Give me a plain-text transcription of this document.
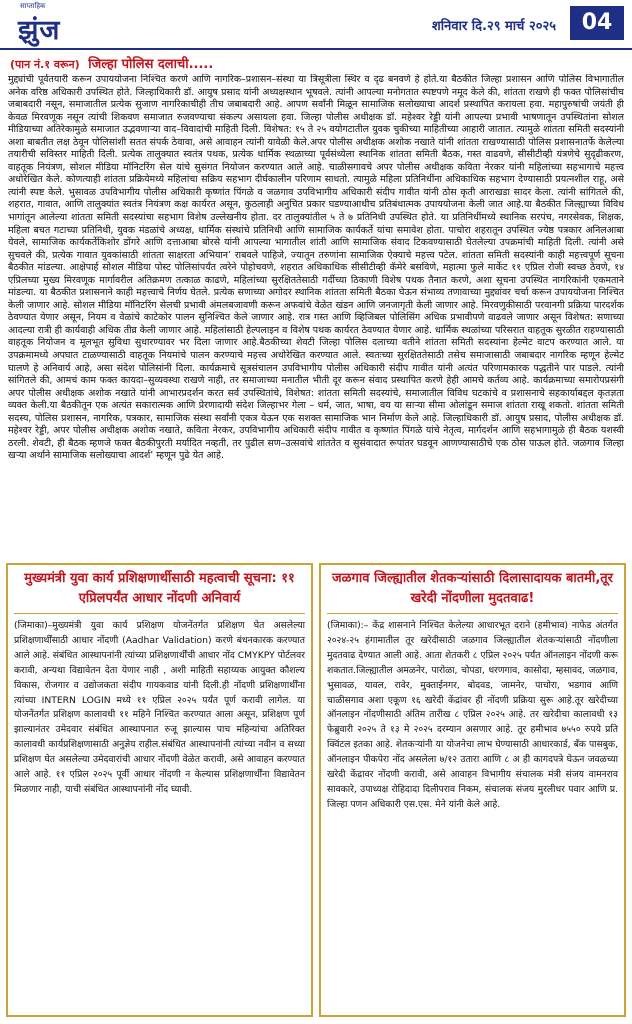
साप्ताहिक
झुंज	शनिवार दि.२९ मार्च २०२५	04
(पान नं.१ वरून) जिल्हा पोलिस दलाची.....
मुद्द्यांची पूर्वतयारी करून उपाययोजना निश्चित करणे आणि नागरिक–प्रशासन–संस्था या त्रिसूत्रीला स्थिर व दृढ बनवणे हे होते.या बैठकीत जिल्हा प्रशासन आणि पोलिस विभागातील अनेक वरिष्ठ अधिकारी उपस्थित होते. जिल्हाधिकारी डॉ. आयुष प्रसाद यांनी अध्यक्षस्थान भूषवले. त्यांनी आपल्या मनोगतात स्पष्टपणे नमूद केले की, शांतता राखणे ही फक्त पोलिसांचीच जबाबदारी नसून, समाजातील प्रत्येक सुजाण नागरिकाचीही तीच जबाबदारी आहे. आपण सर्वांनी मिळून सामाजिक सलोख्याचा आदर्श प्रस्थापित करायला हवा. महापुरुषांची जयंती ही केवळ मिरवणूक नसून त्यांची शिकवण समाजात रुजवण्याचा संकल्प असायला हवा. जिल्हा पोलीस अधीक्षक डॉ. महेश्वर रेड्डी यांनी आपल्या प्रभावी भाषणातून उपस्थितांना सोशल मीडियाच्या अतिरेकामुळे समाजात उद्भवणाऱ्या वाद–विवादांची माहिती दिली. विशेषत: १५ ते २५ वयोगटातील युवक चुकीच्या माहितीच्या आहारी जातात. त्यामुळे शांतता समिती सदस्यांनी अशा बाबतीत लक्ष ठेवून पोलिसांशी सतत संपर्क ठेवावा, असे आवाहन त्यांनी यावेळी केले.अपर पोलीस अधीक्षक अशोक नखाते यांनी शांतता राखण्यासाठी पोलिस प्रशासनातर्फे केलेल्या तयारीची सविस्तर माहिती दिली. प्रत्येक तालुक्यात स्वतंत्र पथक, प्रत्येक धार्मिक स्थळाच्या पूर्वसंध्येला स्थानिक शांतता समिती बैठक, गस्त वाढवणे, सीसीटीव्ही यंत्रणेचे सुदृढीकरण, वाहतूक नियंत्रण, सोशल मीडिया मॉनिटरिंग सेल यांचे सुसंगत नियोजन करण्यात आले आहे. चाळीसगावचे अपर पोलीस अधीक्षक कविता नेरकर यांनी महिलांच्या सहभागाचे महत्त्व अधोरेखित केले. कोणत्याही शांतता प्रक्रियेमध्ये महिलांचा सक्रिय सहभाग दीर्घकालीन परिणाम साधतो. त्यामुळे महिला प्रतिनिधींना अधिकाधिक सहभाग देण्यासाठी प्रयत्नशील राहू, असे त्यांनी स्पष्ट केले. भुसावळ उपविभागीय पोलीस अधिकारी कृष्णांत पिंगळे व जळगाव उपविभागीय अधिकारी संदीप गावीत यांनी ठोस कृती आराखडा सादर केला. त्यांनी सांगितले की, शहरात, गावात, आणि तालुक्यांत स्वतंत्र नियंत्रण कक्ष कार्यरत असून, कुठलाही अनुचित प्रकार घडण्याआधीच प्रतिबंधात्मक उपाययोजना केली जात आहे.या बैठकीत जिल्ह्याच्या विविध भागांतून आलेल्या शांतता समिती सदस्यांचा सहभाग विशेष उल्लेखनीय होता. दर तालुक्यांतील ५ ते ७ प्रतिनिधी उपस्थित होते. या प्रतिनिधींमध्ये स्थानिक सरपंच, नगरसेवक, शिक्षक, महिला बचत गटाच्या प्रतिनिधी, युवक मंडळांचे अध्यक्ष, धार्मिक संस्थांचे प्रतिनिधी आणि सामाजिक कार्यकर्ते यांचा समावेश होता. पाचोरा शहरातून उपस्थित ज्येष्ठ पत्रकार अनिलआबा येवले, सामाजिक कार्यकर्तेकिशोर डोंगरे आणि दत्ताआबा बोरसे यांनी आपल्या भागातील शांती आणि सामाजिक संवाद टिकवण्यासाठी घेतलेल्या उपक्रमांची माहिती दिली. त्यांनी असे सुचवले की, प्रत्येक गावात युवकांसाठी शांतता साक्षरता अभियान’ राबवले पाहिजे, ज्यातून तरुणांना सामाजिक ऐक्याचे महत्त्व पटेल. शांतता समिती सदस्यांनी काही महत्त्वपूर्ण सूचना बैठकीत मांडल्या. आक्षेपार्ह सोशल मीडिया पोस्ट पोलिसांपर्यंत त्वरेने पोहोचवणे, शहरात अधिकाधिक सीसीटीव्ही कॅमेरे बसविणे, महात्मा फुले मार्केट ११ एप्रिल रोजी स्वच्छ ठेवणे, १४ एप्रिलच्या मुख्य मिरवणूक मार्गावरील अतिक्रमण तत्काळ काढणे, महिलांच्या सुरक्षिततेसाठी गर्दीच्या ठिकाणी विशेष पथक तैनात करणे, अशा सूचना उपस्थित नागरिकांनी एकमताने मांडल्या. या बैठकीत प्रशासनाने काही महत्त्वाचे निर्णय घेतले. प्रत्येक सणाच्या अगोदर स्थानिक शांतता समिती बैठका घेऊन संभाव्य तणावाच्या मुद्द्यांवर चर्चा करून उपाययोजना निश्चित केली जाणार आहे. सोशल मीडिया मॉनिटरिंग सेलची प्रभावी अंमलबजावणी करून अफवांचे वेळेत खंडन आणि जनजागृती केली जाणार आहे. मिरवणुकीसाठी परवानगी प्रक्रिया पारदर्शक ठेवण्यात येणार असून, नियम व वेळांचे काटेकोर पालन सुनिश्चित केले जाणार आहे. रात्र गस्त आणि व्हिजिबल पोलिसिंग अधिक प्रभावीपणे वाढवले जाणार असून विशेषत: सणाच्या आदल्या रात्री ही कार्यवाही अधिक तीव्र केली जाणार आहे. महिलांसाठी हेल्पलाइन व विशेष पथक कार्यरत ठेवण्यात येणार आहे. धार्मिक स्थळांच्या परिसरात वाहतूक सुरळीत राहण्यासाठी वाहतूक नियोजन व मूलभूत सुविधा सुधारण्यावर भर दिला जाणार आहे.बैठकीच्या शेवटी जिल्हा पोलिस दलाच्या वतीने शांतता समिती सदस्यांना हेल्मेट वाटप करण्यात आले. या उपक्रमामध्ये अपघात टाळण्यासाठी वाहतूक नियमांचे पालन करण्याचे महत्त्व अधोरेखित करण्यात आले. स्वतःच्या सुरक्षिततेसाठी तसेच समाजासाठी जबाबदार नागरिक म्हणून हेल्मेट घालणे हे अनिवार्य आहे, असा संदेश पोलिसांनी दिला. कार्यक्रमाचे सूत्रसंचालन उपविभागीय पोलीस अधिकारी संदीप गावीत यांनी अत्यंत परिणामकारक पद्धतीने पार पाडले. त्यांनी सांगितले की, आमचं काम फक्त कायदा–सुव्यवस्था राखणे नाही, तर समाजाच्या मनातील भीती दूर करून संवाद प्रस्थापित करणे हेही आमचे कर्तव्य आहे. कार्यक्रमाच्या समारोपप्रसंगी अपर पोलीस अधीक्षक अशोक नखाते यांनी आभारप्रदर्शन करत सर्व उपस्थितांचे, विशेषत: शांतता समिती सदस्यांचे, समाजातील विविध घटकांचे व प्रशासनाचे सहकार्याबद्दल कृतज्ञता व्यक्त केली.या बैठकीतून एक अत्यंत सकारात्मक आणि प्रेरणादायी संदेश जिल्हाभर गेला – धर्म, जात, भाषा, वय या साऱ्या सीमा ओलांडून समाज शांतता राखू शकतो. शांतता समिती सदस्य, पोलिस प्रशासन, नागरिक, पत्रकार, सामाजिक संस्था सर्वांनी एकत्र येऊन एक सशक्त सामाजिक भान निर्माण केले आहे. जिल्हाधिकारी डॉ. आयुष प्रसाद, पोलीस अधीक्षक डॉ. महेश्वर रेड्डी, अपर पोलीस अधीक्षक अशोक नखाते, कविता नेरकर, उपविभागीय अधिकारी संदीप गावीत व कृष्णांत पिंगळे यांचे नेतृत्व, मार्गदर्शन आणि सहभागामुळे ही बैठक यशस्वी ठरली. शेवटी, ही बैठक म्हणजे फक्त बैठकीपुरती मर्यादित नव्हती, तर पुढील सण–उत्सवांचे शांततेत व सुसंवादात रूपांतर घडवून आणण्यासाठीचे एक ठोस पाऊल होते. जळगाव जिल्हा खऱ्या अर्थाने सामाजिक सलोख्याचा आदर्श’ म्हणून पुढे येत आहे.
मुख्यमंत्री युवा कार्य प्रशिक्षणार्थीसाठी महत्वाची सूचना: ११ एप्रिलपर्यंत आधार नोंदणी अनिवार्य
(जिमाका)–मुख्यमंत्री युवा कार्य प्रशिक्षण योजनेंतर्गत प्रशिक्षण घेत असलेल्या प्रशिक्षणार्थींसाठी आधार नोंदणी (Aadhar Validation) करणे बंधनकारक करण्यात आले आहे. संबंधित आस्थापनांनी त्यांच्या प्रशिक्षणार्थींची आधार नोंद CMYKPY पोर्टलवर करावी, अन्यथा विद्यावेतन देता येणार नाही , अशी माहिती सहाय्यक आयुक्त कौशल्य विकास, रोजगार व उद्योजकता संदीप गायकवाड यांनी दिली.ही नोंदणी प्रशिक्षणार्थींना त्यांच्या INTERN LOGIN मध्ये ११ एप्रिल २०२५ पर्यंत पूर्ण करावी लागेल. या योजनेंतर्गत प्रशिक्षण कालावधी ११ महिने निश्चित करण्यात आला असून, प्रशिक्षण पूर्ण झाल्यानंतर उमेदवार संबंधित आस्थापनात रुजू झाल्यास पाच महिन्यांचा अतिरिक्त कालावधी कार्यप्रशिक्षणासाठी अनुज्ञेय राहील.संबंधित आस्थापनांनी त्यांच्या नवीन व सध्या प्रशिक्षण घेत असलेल्या उमेदवारांची आधार नोंदणी वेळेत करावी, असे आवाहन करण्यात आले आहे. ११ एप्रिल २०२५ पूर्वी आधार नोंदणी न केल्यास प्रशिक्षणार्थींना विद्यावेतन मिळणार नाही, याची संबंधित आस्थापनांनी नोंद घ्यावी.
जळगाव जिल्ह्यातील शेतकऱ्यांसाठी दिलासादायक बातमी,तूर खरेदी नोंदणीला मुदतवाढ!
(जिमाका):– केंद्र शासनाने निश्चित केलेल्या आधारभूत दराने (हमीभाव) नाफेड अंतर्गत २०२४-२५ हंगामातील तूर खरेदीसाठी जळगाव जिल्ह्यातील शेतकऱ्यांसाठी नोंदणीला मुदतवाढ देण्यात आली आहे. आता शेतकरी ८ एप्रिल २०२५ पर्यंत ऑनलाइन नोंदणी करू शकतात.जिल्ह्यातील अमळनेर, पारोळा, चोपडा, धरणगाव, कासोदा, म्हसावद, जळगाव, भुसावळ, यावल, रावेर, मुक्ताईनगर, बोदवड, जामनेर, पाचोरा, भडगाव आणि चाळीसगाव अशा एकूण १६ खरेदी केंद्रांवर ही नोंदणी प्रक्रिया सुरू आहे.तूर खरेदीच्या ऑनलाइन नोंदणीसाठी अंतिम तारीख ८ एप्रिल २०२५ आहे. तर खरेदीचा कालावधी १३ फेब्रुवारी २०२५ ते १३ मे २०२५ दरम्यान असणार आहे. तूर हमीभाव ७५५० रुपये प्रति क्विंटल इतका आहे. शेतकऱ्यांनी या योजनेचा लाभ घेण्यासाठी आधारकार्ड, बँक पासबुक, ऑनलाइन पीकपेरा नोंद असलेला ७/१२ उतारा आणि ८ अ ही कागदपत्रे घेऊन जवळच्या खरेदी केंद्रावर नोंदणी करावी, असे आवाहन विभागीय संचालक मंत्री संजय वामनराव सावकारे, उपाध्यक्ष रोहिदादा दिलीपराव निकम, संचालक संजय मुरलीधर पवार आणि प्र. जिल्हा पणन अधिकारी एस.एस. मेने यांनी केले आहे.
